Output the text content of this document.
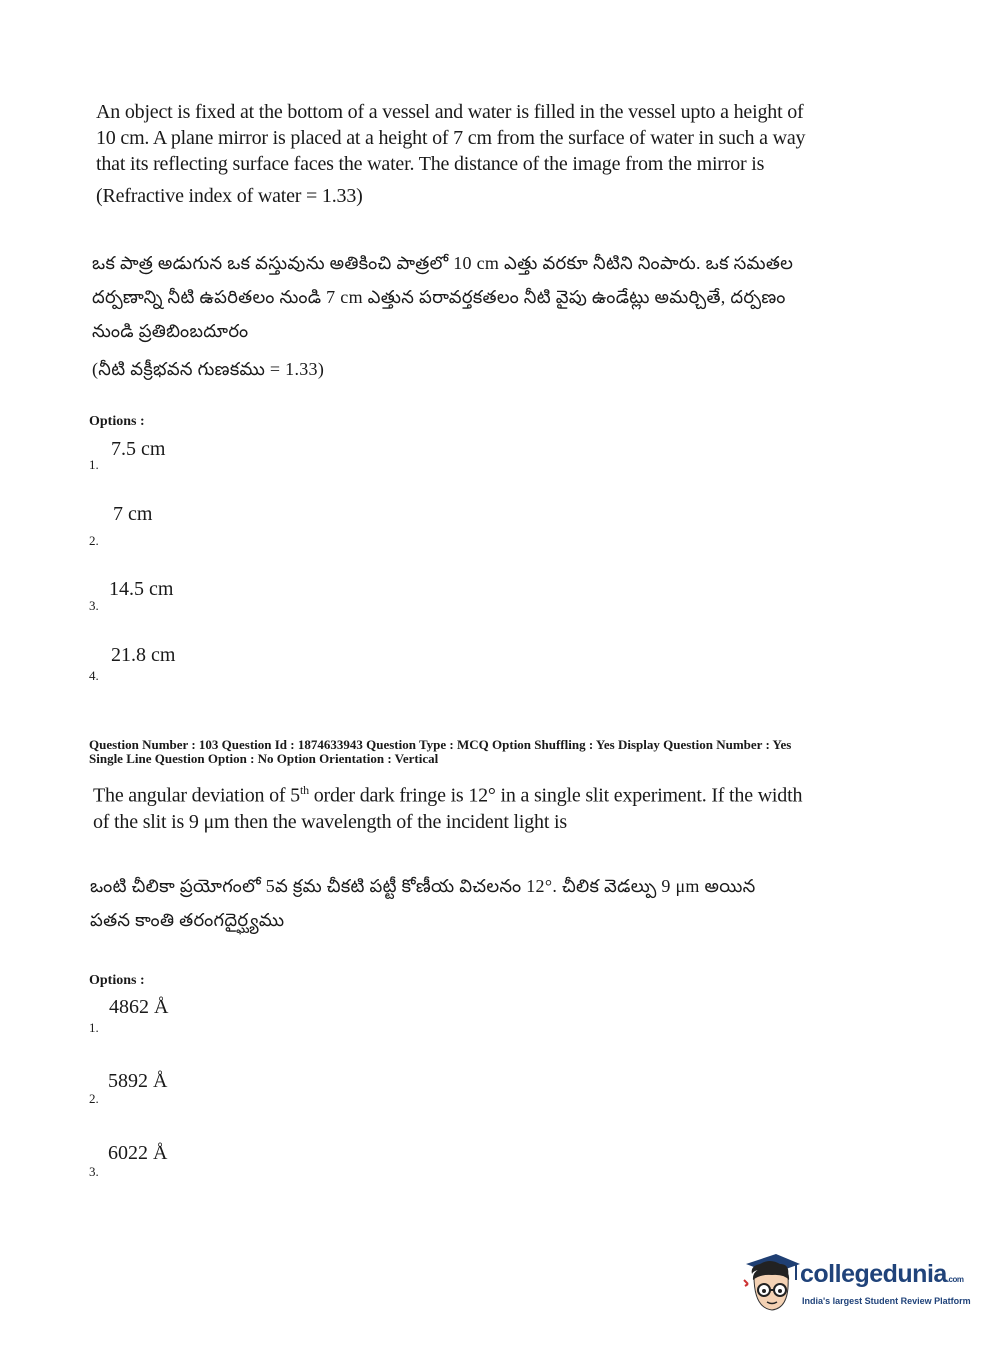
An object is fixed at the bottom of a vessel and water is filled in the vessel upto a height of
10 cm. A plane mirror is placed at a height of 7 cm from the surface of water in such a way
that its reflecting surface faces the water. The distance of the image from the mirror is
(Refractive index of water = 1.33)
ఒక పాత్ర అడుగున ఒక వస్తువును అతికించి పాత్రలో 10 cm ఎత్తు వరకూ నీటిని నింపారు. ఒక సమతల
దర్పణాన్ని నీటి ఉపరితలం నుండి 7 cm ఎత్తున పరావర్తకతలం నీటి వైపు ఉండేట్లు అమర్చితే, దర్పణం
నుండి ప్రతిబింబదూరం
(నీటి వక్రీభవన గుణకము = 1.33)
Options :
7.5 cm
1.
7 cm
2.
14.5 cm
3.
21.8 cm
4.
Question Number : 103 Question Id : 1874633943 Question Type : MCQ Option Shuffling : Yes Display Question Number : Yes
Single Line Question Option : No Option Orientation : Vertical
The angular deviation of 5th order dark fringe is 12° in a single slit experiment. If the width
of the slit is 9 μm then the wavelength of the incident light is
ఒంటి చీలికా ప్రయోగంలో 5వ క్రమ చీకటి పట్టీ కోణీయ విచలనం 12°. చీలిక వెడల్పు 9 μm అయిన
పతన కాంతి తరంగదైర్ఘ్యము
Options :
4862 Å
1.
5892 Å
2.
6022 Å
3.
collegedunia.com
India's largest Student Review Platform
